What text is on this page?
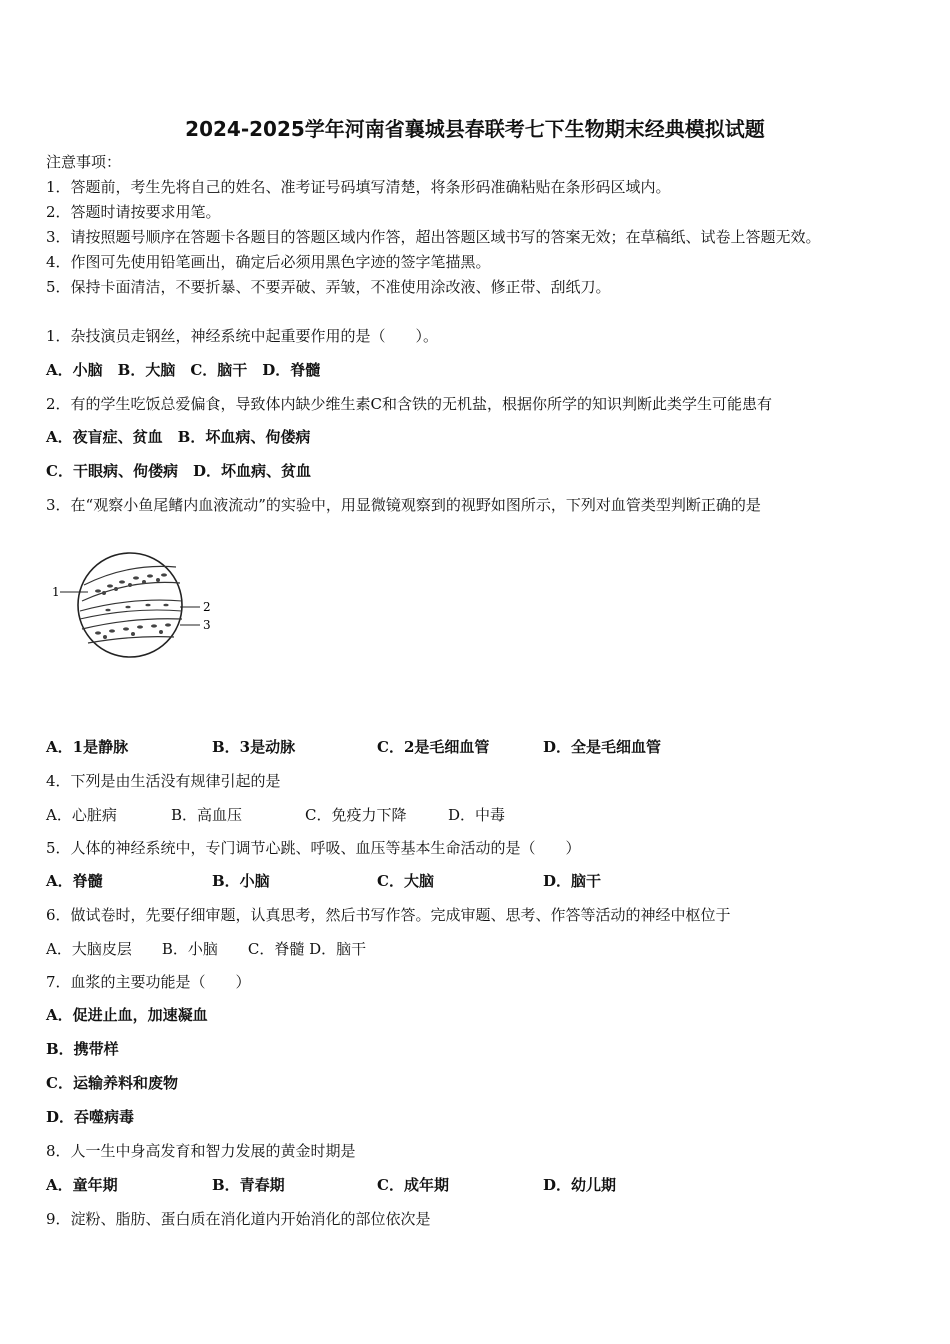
2024-2025学年河南省襄城县春联考七下生物期末经典模拟试题
注意事项：
1．答题前，考生先将自己的姓名、准考证号码填写清楚，将条形码准确粘贴在条形码区域内。
2．答题时请按要求用笔。
3．请按照题号顺序在答题卡各题目的答题区域内作答，超出答题区域书写的答案无效；在草稿纸、试卷上答题无效。
4．作图可先使用铅笔画出，确定后必须用黑色字迹的签字笔描黑。
5．保持卡面清洁，不要折暴、不要弄破、弄皱，不准使用涂改液、修正带、刮纸刀。
1．杂技演员走钢丝，神经系统中起重要作用的是（　　）。
A．小脑　B．大脑　C．脑干　D．脊髓
2．有的学生吃饭总爱偏食，导致体内缺少维生素C和含铁的无机盐，根据你所学的知识判断此类学生可能患有
A．夜盲症、贫血　B．坏血病、佝偻病
C．干眼病、佝偻病　D．坏血病、贫血
3．在“观察小鱼尾鳍内血液流动”的实验中，用显微镜观察到的视野如图所示，下列对血管类型判断正确的是
1
2
3
A．1是静脉	B．3是动脉	C．2是毛细血管	D．全是毛细血管
4．下列是由生活没有规律引起的是
A．心脏病	B．高血压	C．免疫力下降	D．中毒
5．人体的神经系统中，专门调节心跳、呼吸、血压等基本生命活动的是（　　）
A．脊髓	B．小脑	C．大脑	D．脑干
6．做试卷时，先要仔细审题，认真思考，然后书写作答。完成审题、思考、作答等活动的神经中枢位于
A．大脑皮层　　B．小脑　　C．脊髓 D．脑干
7．血浆的主要功能是（　　）
A．促进止血，加速凝血
B．携带样
C．运输养料和废物
D．吞噬病毒
8．人一生中身高发育和智力发展的黄金时期是
A．童年期	B．青春期	C．成年期	D．幼儿期
9．淀粉、脂肪、蛋白质在消化道内开始消化的部位依次是
